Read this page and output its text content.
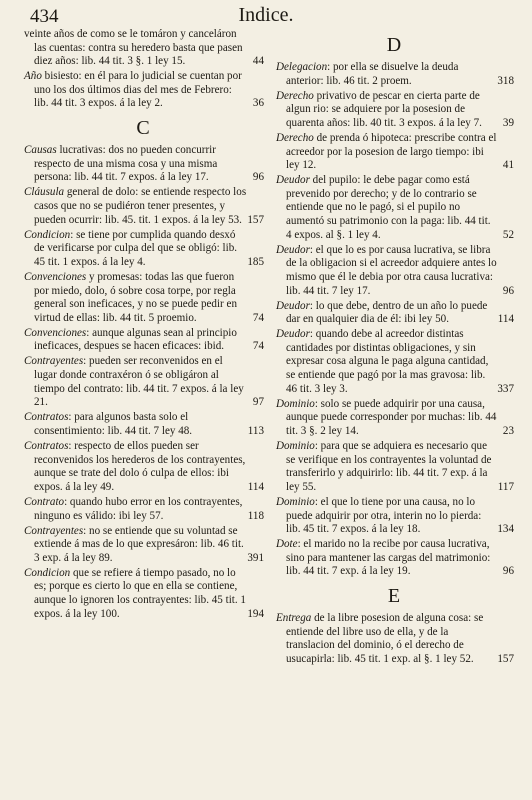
434	Indice.
veinte años de como se le tomáron y canceláron las cuentas: contra su heredero basta que pasen diez años: lib. 44 tit. 3 §. 1 ley 15.	44
Año bisiesto: en él para lo judicial se cuentan por uno los dos últimos dias del mes de Febrero: lib. 44 tit. 3 expos. á la ley 2.	36
C
Causas lucrativas: dos no pueden concurrir respecto de una misma cosa y una misma persona: lib. 44 tit. 7 expos. á la ley 17.	96
Cláusula general de dolo: se entiende respecto los casos que no se pudiéron tener presentes, y pueden ocurrir: lib. 45. tit. 1 expos. á la ley 53. 157
Condicion: se tiene por cumplida quando desxó de verificarse por culpa del que se obligó: lib. 45 tit. 1 expos. á la ley 4.	185
Convenciones y promesas: todas las que fueron por miedo, dolo, ó sobre cosa torpe, por regla general son ineficaces, y no se puede pedir en virtud de ellas: lib. 44 tit. 5 proemio.	74
Convenciones: aunque algunas sean al principio ineficaces, despues se hacen eficaces: ibid.	74
Contrayentes: pueden ser reconvenidos en el lugar donde contraxéron ó se obligáron al tiempo del contrato: lib. 44 tit. 7 expos. á la ley 21.	97
Contratos: para algunos basta solo el consentimiento: lib. 44 tit. 7 ley 48.	113
Contratos: respecto de ellos pueden ser reconvenidos los herederos de los contrayentes, aunque se trate del dolo ó culpa de ellos: ibi expos. á la ley 49.	114
Contrato: quando hubo error en los contrayentes, ninguno es válido: ibi ley 57.	118
Contrayentes: no se entiende que su voluntad se extiende á mas de lo que expresáron: lib. 46 tit. 3 exp. á la ley 89.	391
Condicion que se refiere á tiempo pasado, no lo es; porque es cierto lo que en ella se contiene, aunque lo ignoren los contrayentes: lib. 45 tit. 1 expos. á la ley 100.	194
D
Delegacion: por ella se disuelve la deuda anterior: lib. 46 tit. 2 proem.	318
Derecho privativo de pescar en cierta parte de algun rio: se adquiere por la posesion de quarenta años: lib. 40 tit. 3 expos. á la ley 7. 39
Derecho de prenda ó hipoteca: prescribe contra el acreedor por la posesion de largo tiempo: ibi ley 12.	41
Deudor del pupilo: le debe pagar como está prevenido por derecho; y de lo contrario se entiende que no le pagó, si el pupilo no aumentó su patrimonio con la paga: lib. 44 tit. 4 expos. al §. 1 ley 4.	52
Deudor: el que lo es por causa lucrativa, se libra de la obligacion si el acreedor adquiere antes lo mismo que él le debia por otra causa lucrativa: lib. 44 tit. 7 ley 17.	96
Deudor: lo que debe, dentro de un año lo puede dar en qualquier dia de él: ibi ley 50.	114
Deudor: quando debe al acreedor distintas cantidades por distintas obligaciones, y sin expresar cosa alguna le paga alguna cantidad, se entiende que pagó por la mas gravosa: lib. 46 tit. 3 ley 3.	337
Dominio: solo se puede adquirir por una causa, aunque puede corresponder por muchas: lib. 44 tit. 3 §. 2 ley 14.	23
Dominio: para que se adquiera es necesario que se verifique en los contrayentes la voluntad de transferirlo y adquirirlo: lib. 44 tit. 7 exp. á la ley 55.	117
Dominio: el que lo tiene por una causa, no lo puede adquirir por otra, interin no lo pierda: lib. 45 tit. 7 expos. á la ley 18.	134
Dote: el marido no la recibe por causa lucrativa, sino para mantener las cargas del matrimonio: lib. 44 tit. 7 exp. á la ley 19.	96
E
Entrega de la libre posesion de alguna cosa: se entiende del libre uso de ella, y de la translacion del dominio, ó el derecho de usucapirla: lib. 45 tit. 1 exp. al §. 1 ley 52. 157
